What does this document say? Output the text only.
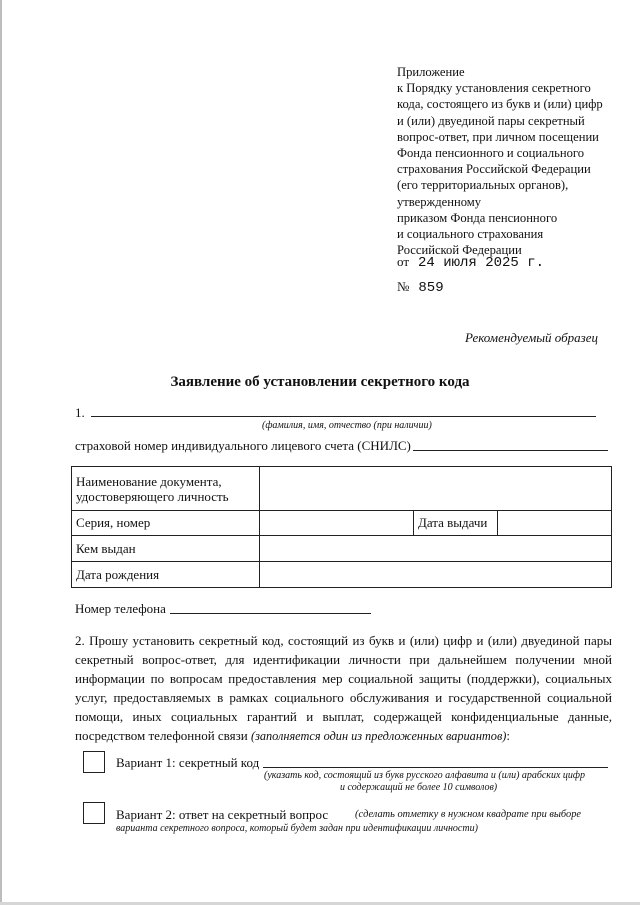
Приложение
к Порядку установления секретного
кода, состоящего из букв и (или) цифр
и (или) двуединой пары секретный
вопрос-ответ, при личном посещении
Фонда пенсионного и социального
страхования Российской Федерации
(его территориальных органов),
утвержденному
приказом Фонда пенсионного
и социального страхования
Российской Федерации
от 24 июля 2025 г.
№ 859
Рекомендуемый образец
Заявление об установлении секретного кода
1.
(фамилия, имя, отчество (при наличии)
страховой номер индивидуального лицевого счета (СНИЛС)
Наименование документа, удостоверяющего личность			
Серия, номер		Дата выдачи	
Кем выдан			
Дата рождения			
Номер телефона
2. Прошу установить секретный код, состоящий из букв и (или) цифр и (или) двуединой пары секретный вопрос-ответ, для идентификации личности при дальнейшем получении мной информации по вопросам предоставления мер социальной защиты (поддержки), социальных услуг, предоставляемых в рамках социального обслуживания и государственной социальной помощи, иных социальных гарантий и выплат, содержащей конфиденциальные данные, посредством телефонной связи (заполняется один из предложенных вариантов):
Вариант 1: секретный код
(указать код, состоящий из букв русского алфавита и (или) арабских цифр
и содержащий не более 10 символов)
Вариант 2: ответ на секретный вопрос	(сделать отметку в нужном квадрате при выборе
варианта секретного вопроса, который будет задан при идентификации личности)
